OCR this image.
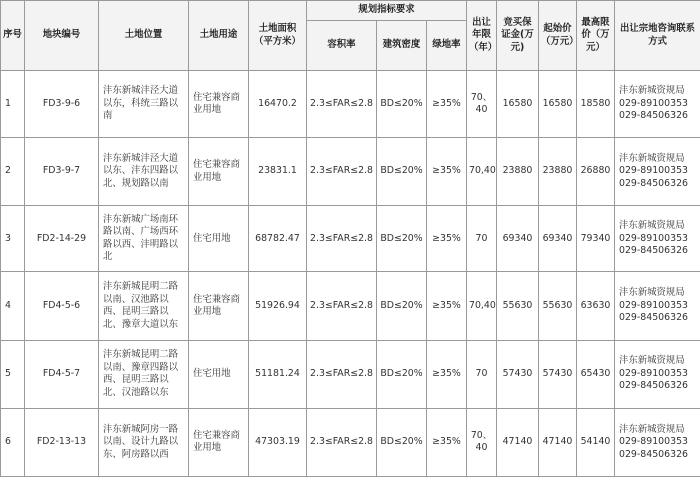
序号	地块编号	土地位置	土地用途	土地面积（平方米）	规划指标要求			出让年限（年）	竞买保证金(万元)	起始价（万元）	最高限价（万元）	出让宗地咨询联系方式
					容积率	建筑密度	绿地率					
1	FD3-9-6	沣东新城沣泾大道以东，科统三路以南	住宅兼容商业用地	16470.2	2.3≤FAR≤2.8	BD≤20%	≥35%	70、40	16580	16580	18580	沣东新城资规局
029-89100353
029-84506326
2	FD3-9-7	沣东新城沣泾大道以东、沣东四路以北、规划路以南	住宅兼容商业用地	23831.1	2.3≤FAR≤2.8	BD≤20%	≥35%	70,40	23880	23880	26880	沣东新城资规局
029-89100353
029-84506326
3	FD2-14-29	沣东新城广场南环路以南、广场西环路以西、沣明路以北	住宅用地	68782.47	2.3≤FAR≤2.8	BD≤20%	≥35%	70	69340	69340	79340	沣东新城资规局
029-89100353
029-84506326
4	FD4-5-6	沣东新城昆明二路以南、汉池路以西、昆明三路以北、豫章大道以东	住宅兼容商业用地	51926.94	2.3≤FAR≤2.8	BD≤20%	≥35%	70,40	55630	55630	63630	沣东新城资规局
029-89100353
029-84506326
5	FD4-5-7	沣东新城昆明二路以南、豫章四路以西、昆明三路以北、汉池路以东	住宅用地	51181.24	2.3≤FAR≤2.8	BD≤20%	≥35%	70	57430	57430	65430	沣东新城资规局
029-89100353
029-84506326
6	FD2-13-13	沣东新城阿房一路以南、设计九路以东、阿房路以西	住宅兼容商业用地	47303.19	2.3≤FAR≤2.8	BD≤20%	≥35%	70、40	47140	47140	54140	沣东新城资规局
029-89100353
029-84506326
